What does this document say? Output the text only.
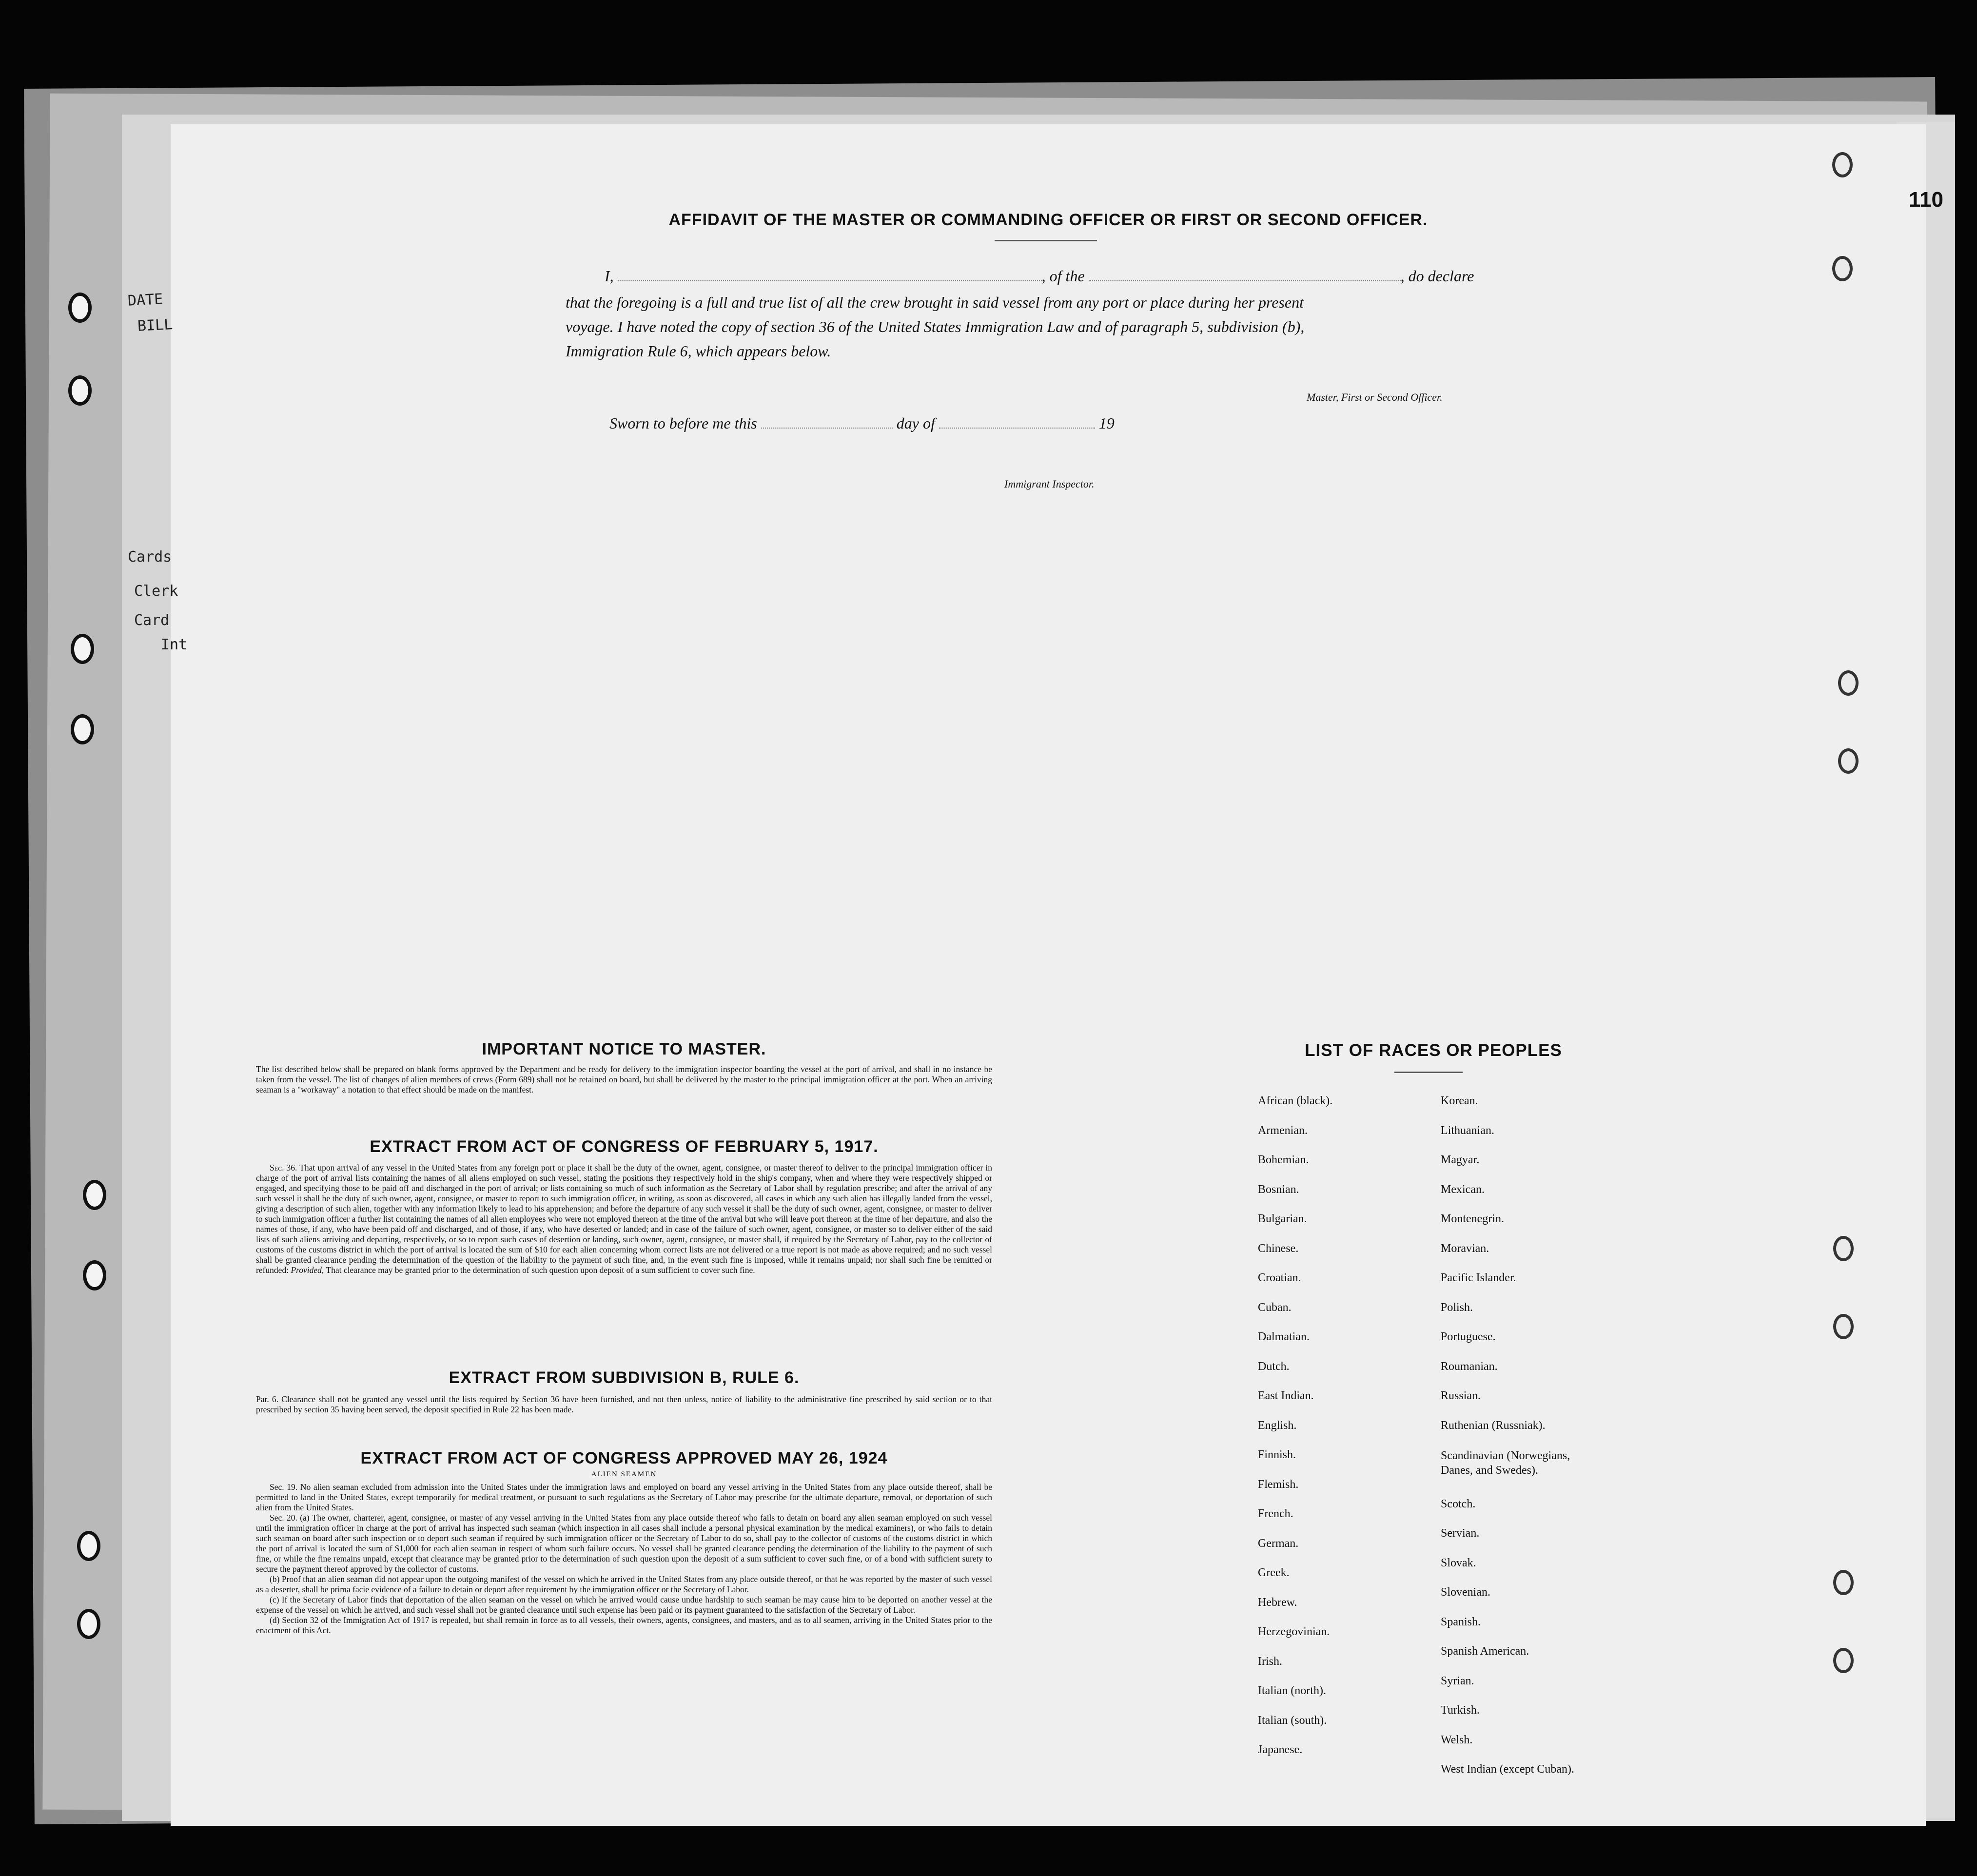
DATE
BILL
Cards
Clerk
Card
Int
110
AFFIDAVIT OF THE MASTER OR COMMANDING OFFICER OR FIRST OR SECOND OFFICER.
I,	, of the	, do declare
that the foregoing is a full and true list of all the crew brought in said vessel from any port or place during her present
voyage. I have noted the copy of section 36 of the United States Immigration Law and of paragraph 5, subdivision (b),
Immigration Rule 6, which appears below.
Master, First or Second Officer.
Sworn to before me this	day of	19
Immigrant Inspector.
IMPORTANT NOTICE TO MASTER.
The list described below shall be prepared on blank forms approved by the Department and be ready for delivery to the immigration inspector boarding the vessel at the port of arrival, and shall in no instance be taken from the vessel. The list of changes of alien members of crews (Form 689) shall not be retained on board, but shall be delivered by the master to the principal immigration officer at the port. When an arriving seaman is a "workaway" a notation to that effect should be made on the manifest.
EXTRACT FROM ACT OF CONGRESS OF FEBRUARY 5, 1917.
Sec. 36. That upon arrival of any vessel in the United States from any foreign port or place it shall be the duty of the owner, agent, consignee, or master thereof to deliver to the principal immigration officer in charge of the port of arrival lists containing the names of all aliens employed on such vessel, stating the positions they respectively hold in the ship's company, when and where they were respectively shipped or engaged, and specifying those to be paid off and discharged in the port of arrival; or lists containing so much of such information as the Secretary of Labor shall by regulation prescribe; and after the arrival of any such vessel it shall be the duty of such owner, agent, consignee, or master to report to such immigration officer, in writing, as soon as discovered, all cases in which any such alien has illegally landed from the vessel, giving a description of such alien, together with any information likely to lead to his apprehension; and before the departure of any such vessel it shall be the duty of such owner, agent, consignee, or master to deliver to such immigration officer a further list containing the names of all alien employees who were not employed thereon at the time of the arrival but who will leave port thereon at the time of her departure, and also the names of those, if any, who have been paid off and discharged, and of those, if any, who have deserted or landed; and in case of the failure of such owner, agent, consignee, or master so to deliver either of the said lists of such aliens arriving and departing, respectively, or so to report such cases of desertion or landing, such owner, agent, consignee, or master shall, if required by the Secretary of Labor, pay to the collector of customs of the customs district in which the port of arrival is located the sum of $10 for each alien concerning whom correct lists are not delivered or a true report is not made as above required; and no such vessel shall be granted clearance pending the determination of the question of the liability to the payment of such fine, and, in the event such fine is imposed, while it remains unpaid; nor shall such fine be remitted or refunded: Provided, That clearance may be granted prior to the determination of such question upon deposit of a sum sufficient to cover such fine.
EXTRACT FROM SUBDIVISION B, RULE 6.
Par. 6. Clearance shall not be granted any vessel until the lists required by Section 36 have been furnished, and not then unless, notice of liability to the administrative fine prescribed by said section or to that prescribed by section 35 having been served, the deposit specified in Rule 22 has been made.
EXTRACT FROM ACT OF CONGRESS APPROVED MAY 26, 1924
ALIEN SEAMEN
Sec. 19. No alien seaman excluded from admission into the United States under the immigration laws and employed on board any vessel arriving in the United States from any place outside thereof, shall be permitted to land in the United States, except temporarily for medical treatment, or pursuant to such regulations as the Secretary of Labor may prescribe for the ultimate departure, removal, or deportation of such alien from the United States.
Sec. 20. (a) The owner, charterer, agent, consignee, or master of any vessel arriving in the United States from any place outside thereof who fails to detain on board any alien seaman employed on such vessel until the immigration officer in charge at the port of arrival has inspected such seaman (which inspection in all cases shall include a personal physical examination by the medical examiners), or who fails to detain such seaman on board after such inspection or to deport such seaman if required by such immigration officer or the Secretary of Labor to do so, shall pay to the collector of customs of the customs district in which the port of arrival is located the sum of $1,000 for each alien seaman in respect of whom such failure occurs. No vessel shall be granted clearance pending the determination of the liability to the payment of such fine, or while the fine remains unpaid, except that clearance may be granted prior to the determination of such question upon the deposit of a sum sufficient to cover such fine, or of a bond with sufficient surety to secure the payment thereof approved by the collector of customs.
(b) Proof that an alien seaman did not appear upon the outgoing manifest of the vessel on which he arrived in the United States from any place outside thereof, or that he was reported by the master of such vessel as a deserter, shall be prima facie evidence of a failure to detain or deport after requirement by the immigration officer or the Secretary of Labor.
(c) If the Secretary of Labor finds that deportation of the alien seaman on the vessel on which he arrived would cause undue hardship to such seaman he may cause him to be deported on another vessel at the expense of the vessel on which he arrived, and such vessel shall not be granted clearance until such expense has been paid or its payment guaranteed to the satisfaction of the Secretary of Labor.
(d) Section 32 of the Immigration Act of 1917 is repealed, but shall remain in force as to all vessels, their owners, agents, consignees, and masters, and as to all seamen, arriving in the United States prior to the enactment of this Act.
LIST OF RACES OR PEOPLES
African (black).
Armenian.
Bohemian.
Bosnian.
Bulgarian.
Chinese.
Croatian.
Cuban.
Dalmatian.
Dutch.
East Indian.
English.
Finnish.
Flemish.
French.
German.
Greek.
Hebrew.
Herzegovinian.
Irish.
Italian (north).
Italian (south).
Japanese.
Korean.
Lithuanian.
Magyar.
Mexican.
Montenegrin.
Moravian.
Pacific Islander.
Polish.
Portuguese.
Roumanian.
Russian.
Ruthenian (Russniak).
Scandinavian (Norwegians, Danes, and Swedes).
Scotch.
Servian.
Slovak.
Slovenian.
Spanish.
Spanish American.
Syrian.
Turkish.
Welsh.
West Indian (except Cuban).
